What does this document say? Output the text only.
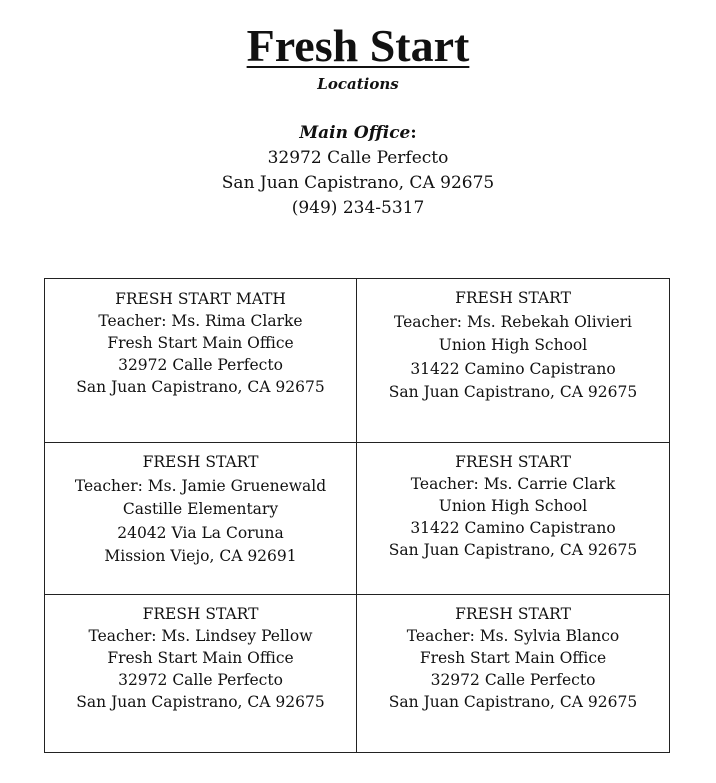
Fresh Start
Locations
Main Office:
32972 Calle Perfecto
San Juan Capistrano, CA 92675
(949) 234-5317
FRESH START MATH
Teacher: Ms. Rima Clarke
Fresh Start Main Office
32972 Calle Perfecto
San Juan Capistrano, CA 92675	FRESH START
Teacher: Ms. Rebekah Olivieri
Union High School
31422 Camino Capistrano
San Juan Capistrano, CA 92675

FRESH START
Teacher: Ms. Jamie Gruenewald
Castille Elementary
24042 Via La Coruna
Mission Viejo, CA 92691	FRESH START
Teacher: Ms. Carrie Clark
Union High School
31422 Camino Capistrano
San Juan Capistrano, CA 92675

FRESH START
Teacher: Ms. Lindsey Pellow
Fresh Start Main Office
32972 Calle Perfecto
San Juan Capistrano, CA 92675	FRESH START
Teacher: Ms. Sylvia Blanco
Fresh Start Main Office
32972 Calle Perfecto
San Juan Capistrano, CA 92675
